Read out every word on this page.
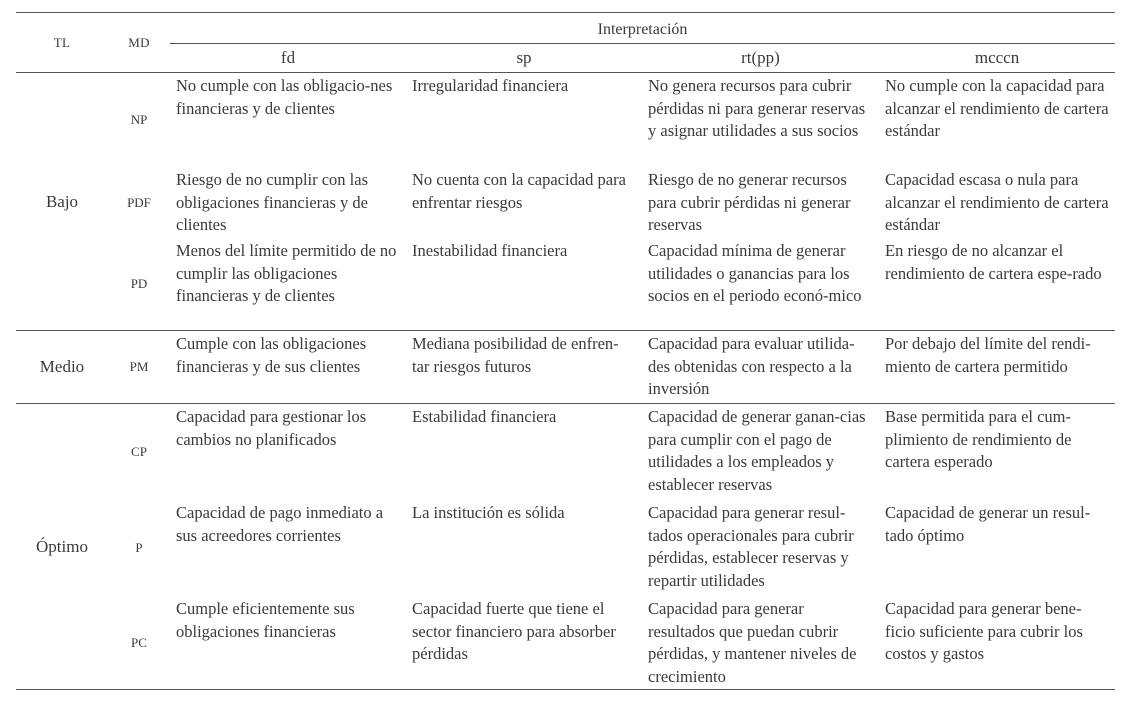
TL	MD	Interpretación			
		fd	sp	rt(pp)	mcccn
Bajo	NP	No cumple con las obligacio-nes financieras y de clientes	Irregularidad financiera	No genera recursos para cubrir pérdidas ni para generar reservas y asignar utilidades a sus socios	No cumple con la capacidad para alcanzar el rendimiento de cartera estándar
	PDF	Riesgo de no cumplir con las obligaciones financieras y de clientes	No cuenta con la capacidad para enfrentar riesgos	Riesgo de no generar recursos para cubrir pérdidas ni generar reservas	Capacidad escasa o nula para alcanzar el rendimiento de cartera estándar
	PD	Menos del límite permitido de no cumplir las obligaciones financieras y de clientes	Inestabilidad financiera	Capacidad mínima de generar utilidades o ganancias para los socios en el periodo econó-mico	En riesgo de no alcanzar el rendimiento de cartera espe-rado
Medio	PM	Cumple con las obligaciones financieras y de sus clientes	Mediana posibilidad de enfren-tar riesgos futuros	Capacidad para evaluar utilida-des obtenidas con respecto a la inversión	Por debajo del límite del rendi-miento de cartera permitido
Óptimo	CP	Capacidad para gestionar los cambios no planificados	Estabilidad financiera	Capacidad de generar ganan-cias para cumplir con el pago de utilidades a los empleados y establecer reservas	Base permitida para el cum-plimiento de rendimiento de cartera esperado
	P	Capacidad de pago inmediato a sus acreedores corrientes	La institución es sólida	Capacidad para generar resul-tados operacionales para cubrir pérdidas, establecer reservas y repartir utilidades	Capacidad de generar un resul-tado óptimo
	PC	Cumple eficientemente sus obligaciones financieras	Capacidad fuerte que tiene el sector financiero para absorber pérdidas	Capacidad para generar resultados que puedan cubrir pérdidas, y mantener niveles de crecimiento	Capacidad para generar bene-ficio suficiente para cubrir los costos y gastos
